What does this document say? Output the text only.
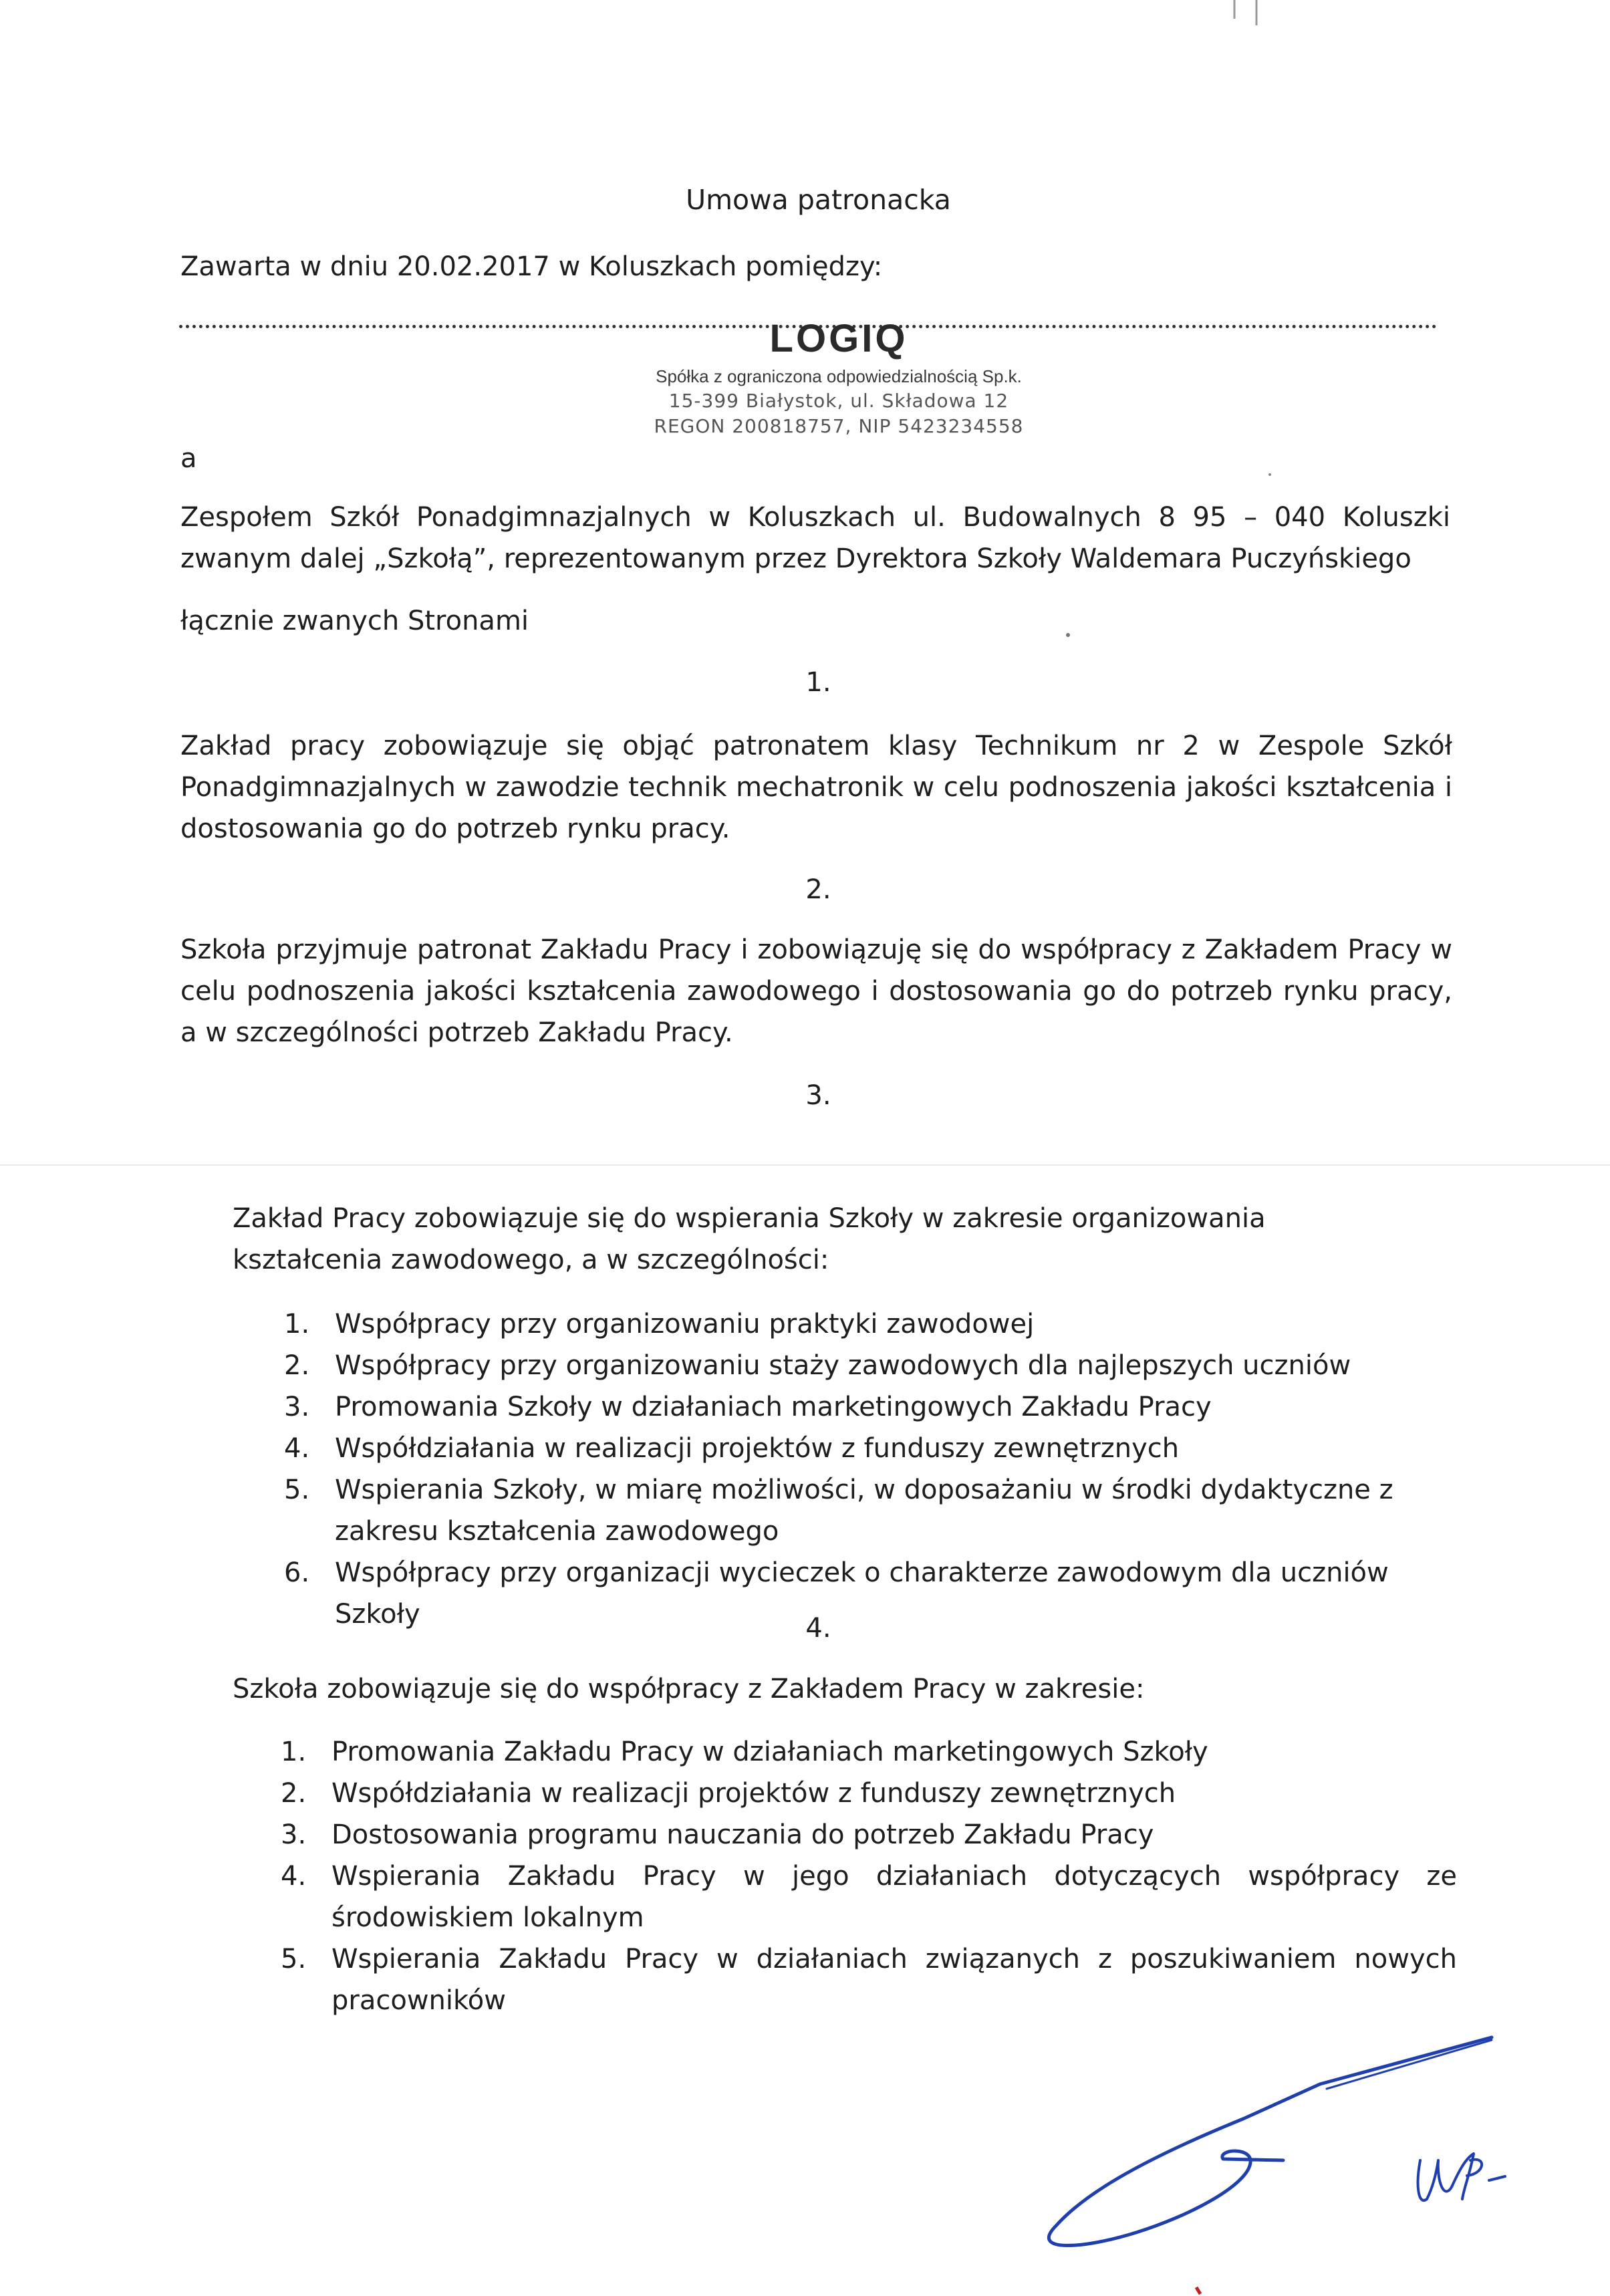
Umowa patronacka
Zawarta w dniu 20.02.2017 w Koluszkach pomiędzy:
LOGIQ
Spółka z ograniczona odpowiedzialnością Sp.k.
15-399 Białystok, ul. Składowa 12
REGON 200818757, NIP 5423234558
a
Zespołem Szkół Ponadgimnazjalnych w Koluszkach ul. Budowalnych 8 95 – 040 Koluszki zwanym dalej „Szkołą”, reprezentowanym przez Dyrektora Szkoły Waldemara Puczyńskiego
łącznie zwanych Stronami
1.
Zakład pracy zobowiązuje się objąć patronatem klasy Technikum nr 2 w Zespole Szkół Ponadgimnazjalnych w zawodzie technik mechatronik w celu podnoszenia jakości kształcenia i dostosowania go do potrzeb rynku pracy.
2.
Szkoła przyjmuje patronat Zakładu Pracy i zobowiązuję się do współpracy z Zakładem Pracy w celu podnoszenia jakości kształcenia zawodowego i dostosowania go do potrzeb rynku pracy, a w szczególności potrzeb Zakładu Pracy.
3.
Zakład Pracy zobowiązuje się do wspierania Szkoły w zakresie organizowania kształcenia zawodowego, a w szczególności:
1. Współpracy przy organizowaniu praktyki zawodowej
2. Współpracy przy organizowaniu staży zawodowych dla najlepszych uczniów
3. Promowania Szkoły w działaniach marketingowych Zakładu Pracy
4. Współdziałania w realizacji projektów z funduszy zewnętrznych
5. Wspierania Szkoły, w miarę możliwości, w doposażaniu w środki dydaktyczne z zakresu kształcenia zawodowego
6. Współpracy przy organizacji wycieczek o charakterze zawodowym dla uczniów Szkoły	4.
Szkoła zobowiązuje się do współpracy z Zakładem Pracy w zakresie:
1. Promowania Zakładu Pracy w działaniach marketingowych Szkoły
2. Współdziałania w realizacji projektów z funduszy zewnętrznych
3. Dostosowania programu nauczania do potrzeb Zakładu Pracy
4. Wspierania Zakładu Pracy w jego działaniach dotyczących współpracy ze środowiskiem lokalnym
5. Wspierania Zakładu Pracy w działaniach związanych z poszukiwaniem nowych pracowników
